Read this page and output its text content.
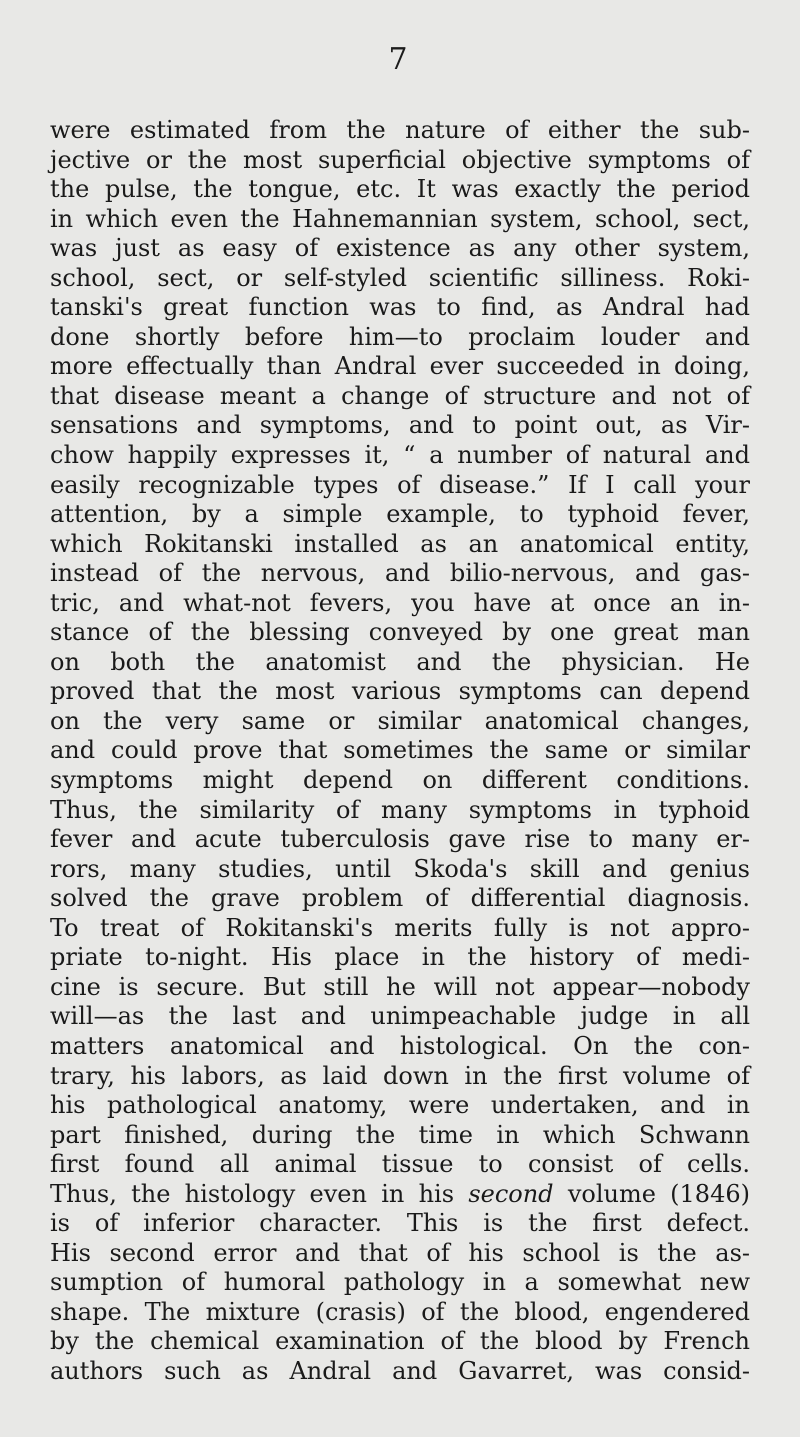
7
were estimated from the nature of either the sub-
jective or the most superficial objective symptoms of
the pulse, the tongue, etc. It was exactly the period
in which even the Hahnemannian system, school, sect,
was just as easy of existence as any other system,
school, sect, or self-styled scientific silliness. Roki-
tanski's great function was to find, as Andral had
done shortly before him—to proclaim louder and
more effectually than Andral ever succeeded in doing,
that disease meant a change of structure and not of
sensations and symptoms, and to point out, as Vir-
chow happily expresses it, “ a number of natural and
easily recognizable types of disease.” If I call your
attention, by a simple example, to typhoid fever,
which Rokitanski installed as an anatomical entity,
instead of the nervous, and bilio-nervous, and gas-
tric, and what-not fevers, you have at once an in-
stance of the blessing conveyed by one great man
on both the anatomist and the physician. He
proved that the most various symptoms can depend
on the very same or similar anatomical changes,
and could prove that sometimes the same or similar
symptoms might depend on different conditions.
Thus, the similarity of many symptoms in typhoid
fever and acute tuberculosis gave rise to many er-
rors, many studies, until Skoda's skill and genius
solved the grave problem of differential diagnosis.
To treat of Rokitanski's merits fully is not appro-
priate to-night. His place in the history of medi-
cine is secure. But still he will not appear—nobody
will—as the last and unimpeachable judge in all
matters anatomical and histological. On the con-
trary, his labors, as laid down in the first volume of
his pathological anatomy, were undertaken, and in
part finished, during the time in which Schwann
first found all animal tissue to consist of cells.
Thus, the histology even in his second volume (1846)
is of inferior character. This is the first defect.
His second error and that of his school is the as-
sumption of humoral pathology in a somewhat new
shape. The mixture (crasis) of the blood, engendered
by the chemical examination of the blood by French
authors such as Andral and Gavarret, was consid-
